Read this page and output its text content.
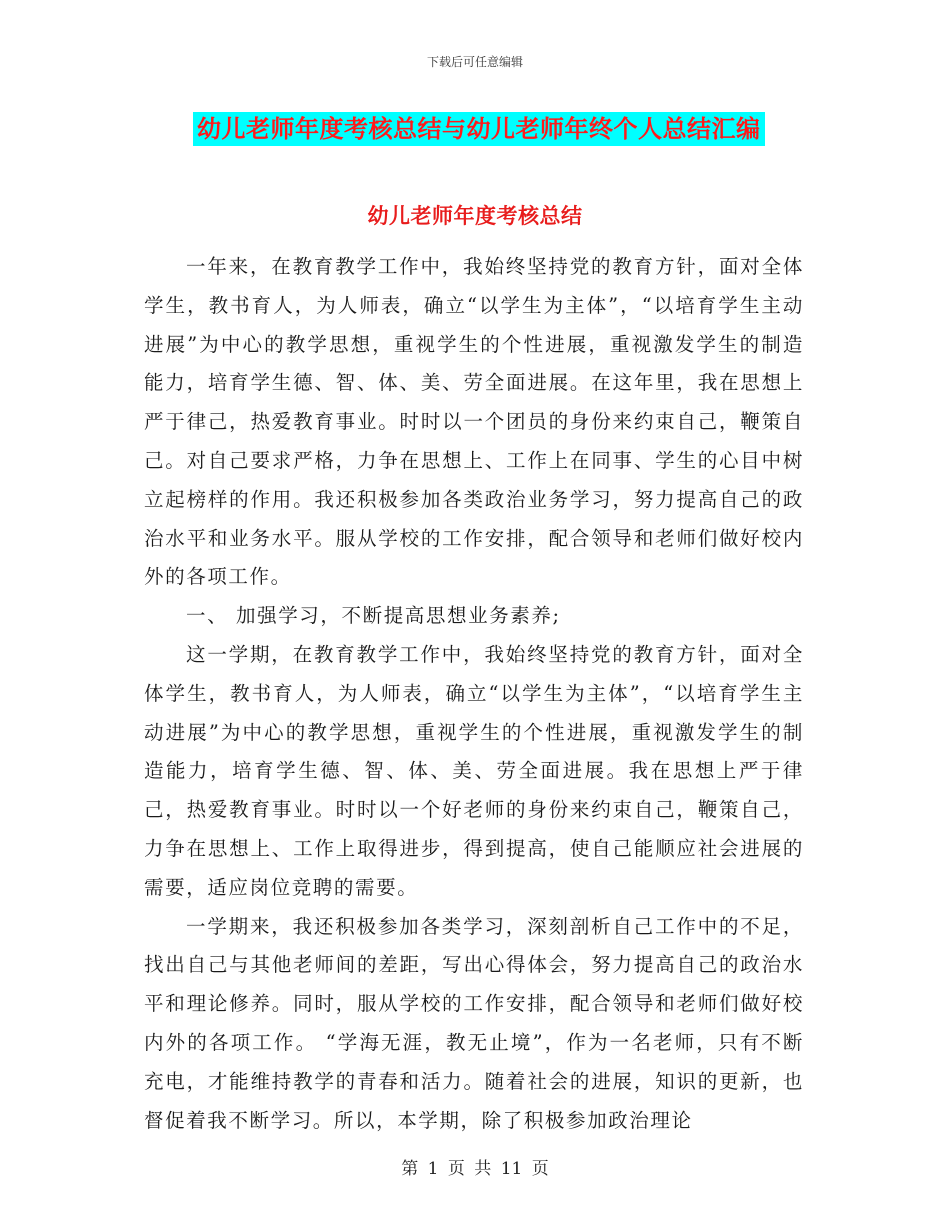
下载后可任意编辑
幼儿老师年度考核总结与幼儿老师年终个人总结汇编
幼儿老师年度考核总结

一年来，在教育教学工作中，我始终坚持党的教育方针，面对全体学生，教书育人，为人师表，确立“以学生为主体”，“以培育学生主动进展”为中心的教学思想，重视学生的个性进展，重视激发学生的制造能力，培育学生德、智、体、美、劳全面进展。在这年里，我在思想上严于律己，热爱教育事业。时时以一个团员的身份来约束自己，鞭策自己。对自己要求严格，力争在思想上、工作上在同事、学生的心目中树立起榜样的作用。我还积极参加各类政治业务学习，努力提高自己的政治水平和业务水平。服从学校的工作安排，配合领导和老师们做好校内外的各项工作。

一、 加强学习，不断提高思想业务素养;

这一学期，在教育教学工作中，我始终坚持党的教育方针，面对全体学生，教书育人，为人师表，确立“以学生为主体”，“以培育学生主动进展”为中心的教学思想，重视学生的个性进展，重视激发学生的制造能力，培育学生德、智、体、美、劳全面进展。我在思想上严于律己，热爱教育事业。时时以一个好老师的身份来约束自己，鞭策自己，力争在思想上、工作上取得进步，得到提高，使自己能顺应社会进展的需要，适应岗位竞聘的需要。

一学期来，我还积极参加各类学习，深刻剖析自己工作中的不足，找出自己与其他老师间的差距，写出心得体会，努力提高自己的政治水平和理论修养。同时，服从学校的工作安排，配合领导和老师们做好校内外的各项工作。 “学海无涯，教无止境”，作为一名老师，只有不断充电，才能维持教学的青春和活力。随着社会的进展，知识的更新，也督促着我不断学习。所以，本学期，除了积极参加政治理论

第 1 页 共 11 页
